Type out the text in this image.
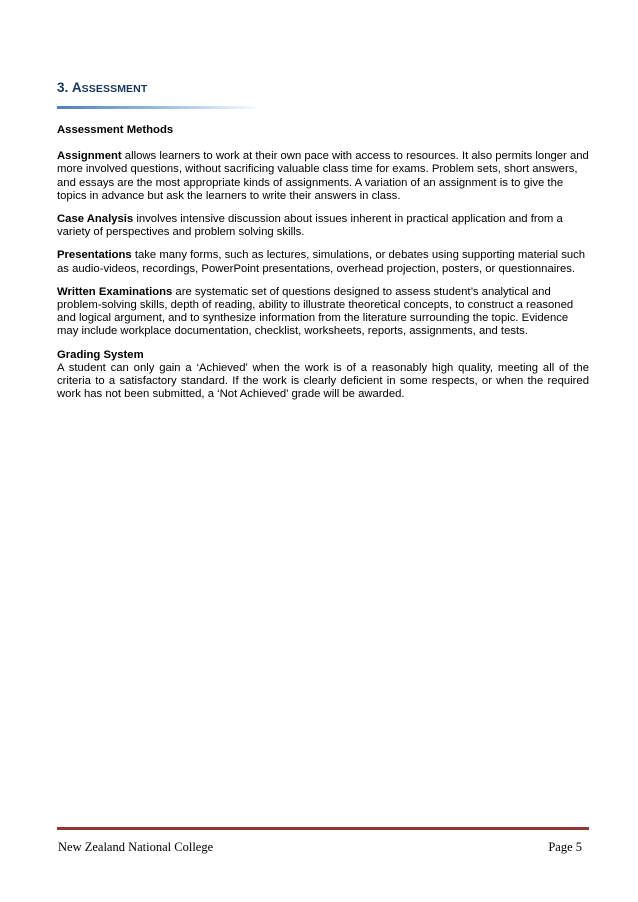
3. ASSESSMENT

Assessment Methods

Assignment allows learners to work at their own pace with access to resources. It also permits longer and more involved questions, without sacrificing valuable class time for exams. Problem sets, short answers, and essays are the most appropriate kinds of assignments. A variation of an assignment is to give the topics in advance but ask the learners to write their answers in class.

Case Analysis involves intensive discussion about issues inherent in practical application and from a variety of perspectives and problem solving skills.

Presentations take many forms, such as lectures, simulations, or debates using supporting material such as audio‐videos, recordings, PowerPoint presentations, overhead projection, posters, or questionnaires.

Written Examinations are systematic set of questions designed to assess student’s analytical and problem‐solving skills, depth of reading, ability to illustrate theoretical concepts, to construct a reasoned and logical argument, and to synthesize information from the literature surrounding the topic. Evidence may include workplace documentation, checklist, worksheets, reports, assignments, and tests.

Grading System
A student can only gain a ‘Achieved' when the work is of a reasonably high quality, meeting all of the criteria to a satisfactory standard. If the work is clearly deficient in some respects, or when the required work has not been submitted, a ‘Not Achieved' grade will be awarded.

New Zealand National College	Page 5
